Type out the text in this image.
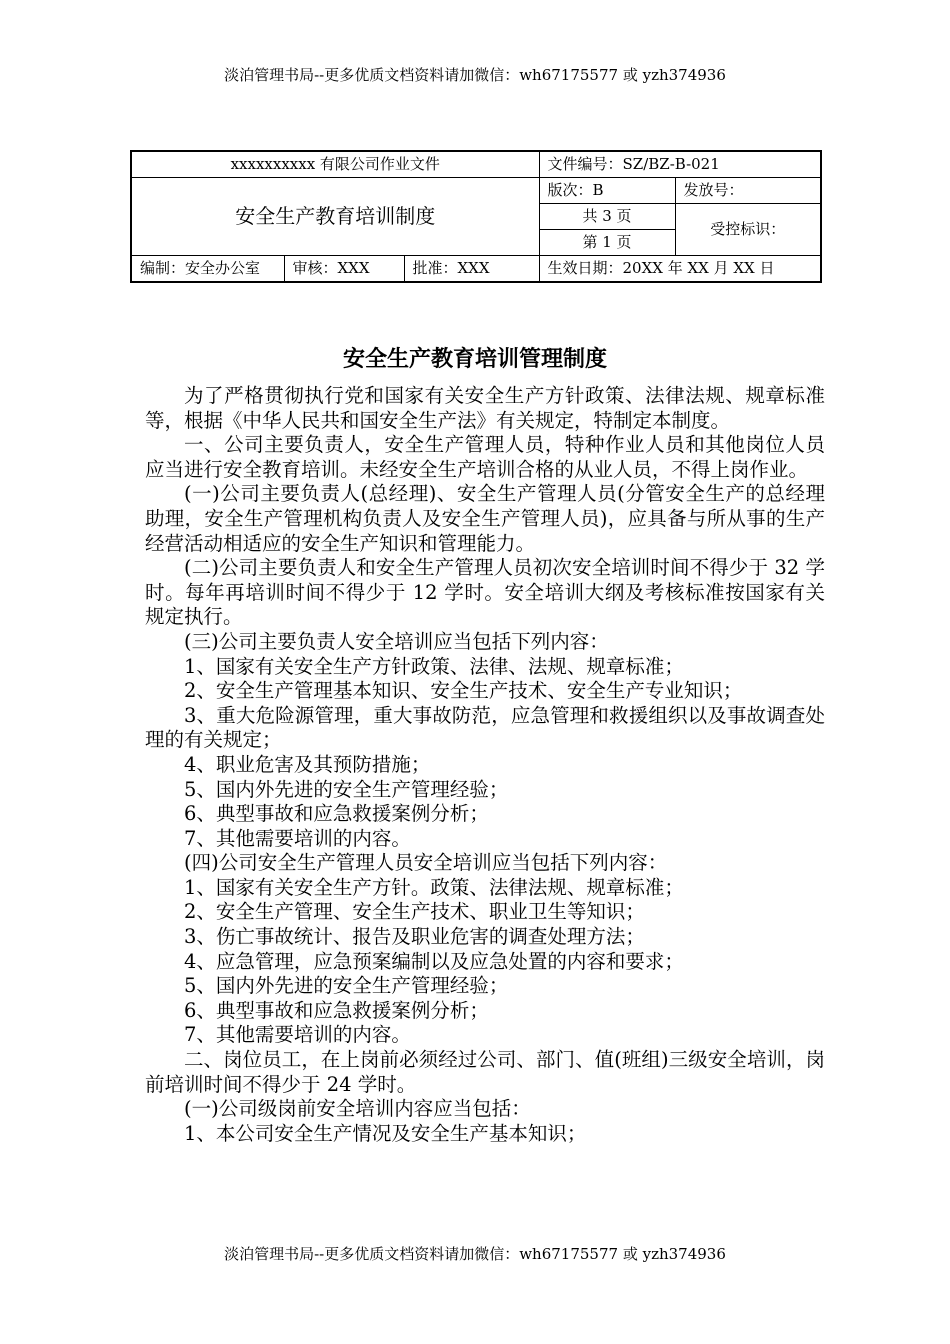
淡泊管理书局--更多优质文档资料请加微信：wh67175577 或 yzh374936
xxxxxxxxxx 有限公司作业文件			文件编号：SZ/BZ-B-021	
安全生产教育培训制度			版次：B	发放号：
			共 3 页	受控标识：
			第 1 页	
编制：安全办公室	审核：XXX	批准：XXX	生效日期：20XX 年 XX 月 XX 日	
安全生产教育培训管理制度

为了严格贯彻执行党和国家有关安全生产方针政策、法律法规、规章标准等，根据《中华人民共和国安全生产法》有关规定，特制定本制度。

一、公司主要负责人，安全生产管理人员，特种作业人员和其他岗位人员应当进行安全教育培训。未经安全生产培训合格的从业人员，不得上岗作业。

(一)公司主要负责人(总经理)、安全生产管理人员(分管安全生产的总经理助理，安全生产管理机构负责人及安全生产管理人员)，应具备与所从事的生产经营活动相适应的安全生产知识和管理能力。

(二)公司主要负责人和安全生产管理人员初次安全培训时间不得少于 32 学时。每年再培训时间不得少于 12 学时。安全培训大纲及考核标准按国家有关规定执行。

(三)公司主要负责人安全培训应当包括下列内容：

1、国家有关安全生产方针政策、法律、法规、规章标准；

2、安全生产管理基本知识、安全生产技术、安全生产专业知识；

3、重大危险源管理，重大事故防范，应急管理和救援组织以及事故调查处理的有关规定；

4、职业危害及其预防措施；

5、国内外先进的安全生产管理经验；

6、典型事故和应急救援案例分析；

7、其他需要培训的内容。

(四)公司安全生产管理人员安全培训应当包括下列内容：

1、国家有关安全生产方针。政策、法律法规、规章标准；

2、安全生产管理、安全生产技术、职业卫生等知识；

3、伤亡事故统计、报告及职业危害的调查处理方法；

4、应急管理，应急预案编制以及应急处置的内容和要求；

5、国内外先进的安全生产管理经验；

6、典型事故和应急救援案例分析；

7、其他需要培训的内容。

二、岗位员工，在上岗前必须经过公司、部门、值(班组)三级安全培训，岗前培训时间不得少于 24 学时。

(一)公司级岗前安全培训内容应当包括：

1、本公司安全生产情况及安全生产基本知识；

淡泊管理书局--更多优质文档资料请加微信：wh67175577 或 yzh374936
